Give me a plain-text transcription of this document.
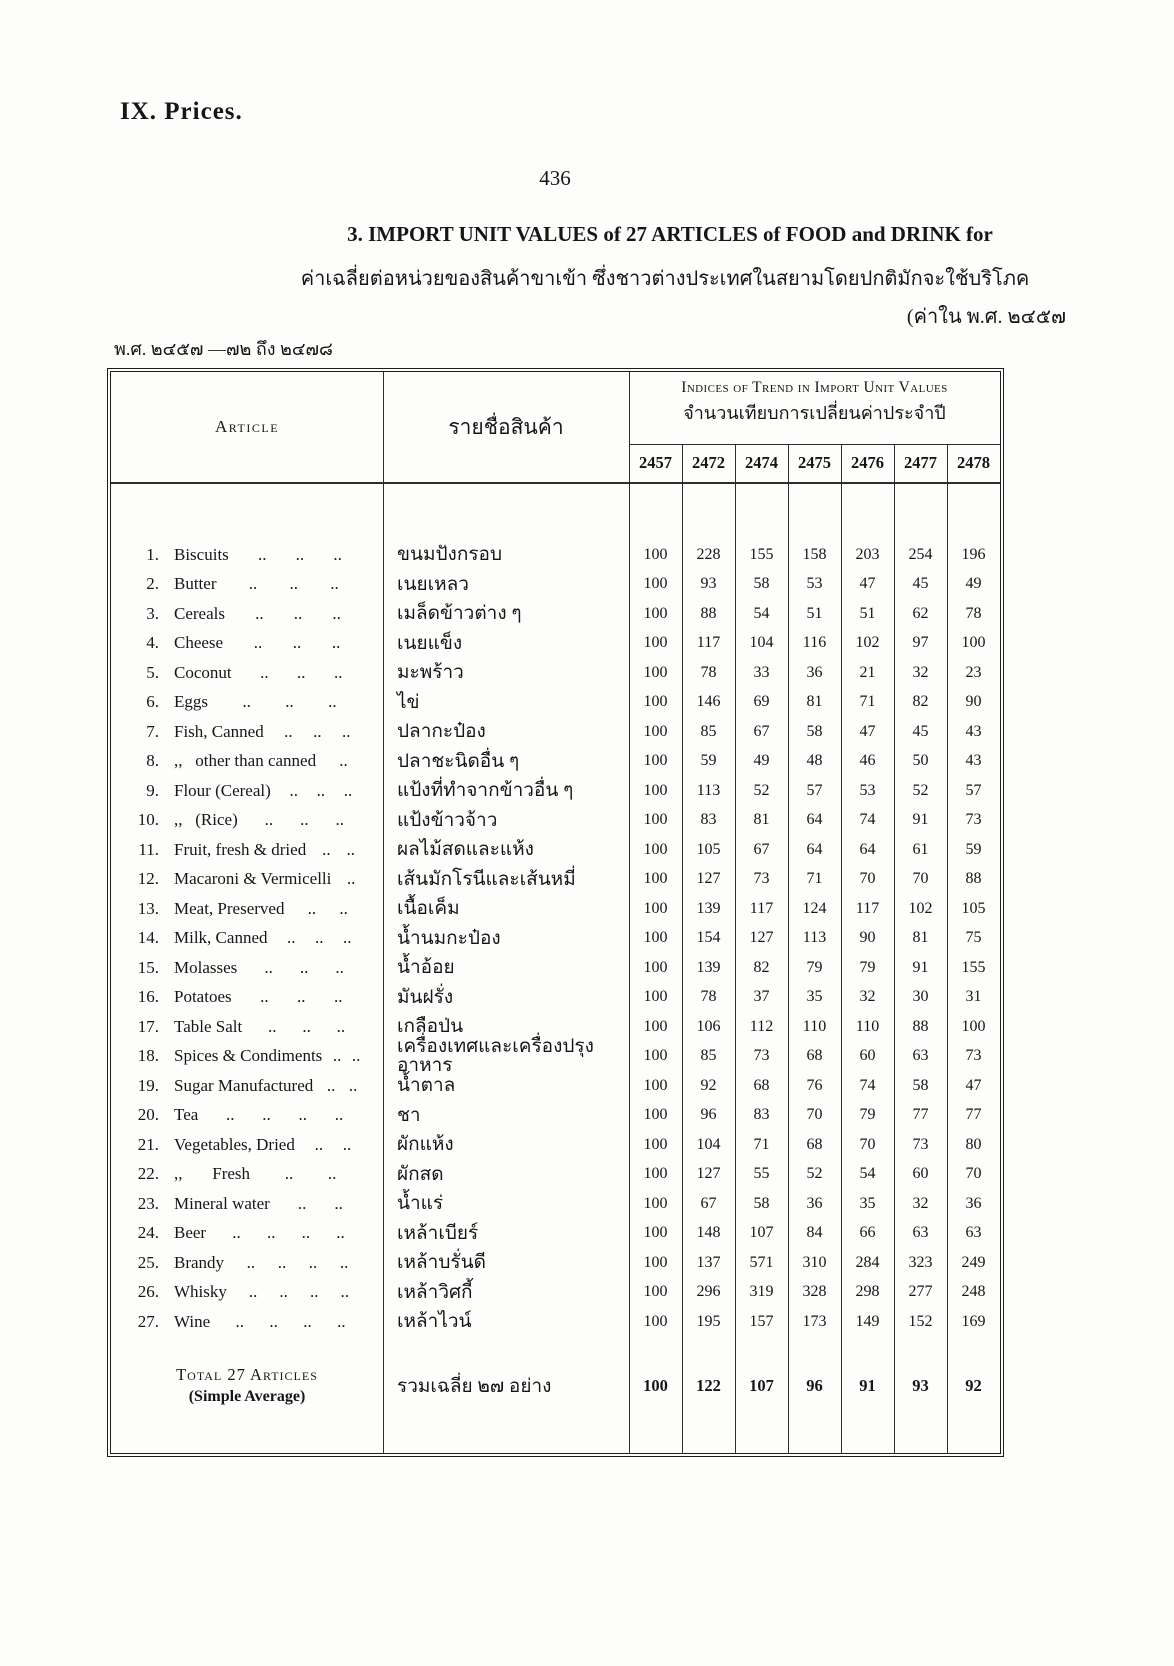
IX. Prices.
436
3. IMPORT UNIT VALUES of 27 ARTICLES of FOOD and DRINK for
ค่าเฉลี่ยต่อหน่วยของสินค้าขาเข้า ซึ่งชาวต่างประเทศในสยามโดยปกติมักจะใช้บริโภค
(ค่าใน พ.ศ. ๒๔๕๗
พ.ศ. ๒๔๕๗ —๗๒ ถึง ๒๔๗๘
Article	รายชื่อสินค้า
Indices of Trend in Import Unit Values
จำนวนเทียบการเปลี่ยนค่าประจำปี
2457	2472	2474	2475	2476	2477	2478
1. Biscuits .. .. ..	ขนมปังกรอบ	100	228	155	158	203	254	196
2. Butter .. .. ..	เนยเหลว	100	93	58	53	47	45	49
3. Cereals .. .. ..	เมล็ดข้าวต่าง ๆ	100	88	54	51	51	62	78
4. Cheese .. .. ..	เนยแข็ง	100	117	104	116	102	97	100
5. Coconut .. .. ..	มะพร้าว	100	78	33	36	21	32	23
6. Eggs .. .. ..	ไข่	100	146	69	81	71	82	90
7. Fish, Canned .. .. ..	ปลากะป๋อง	100	85	67	58	47	45	43
8. ,,   other than canned ..	ปลาชะนิดอื่น ๆ	100	59	49	48	46	50	43
9. Flour (Cereal) .. .. ..	แป้งที่ทำจากข้าวอื่น ๆ	100	113	52	57	53	52	57
10. ,,   (Rice) .. .. ..	แป้งข้าวจ้าว	100	83	81	64	74	91	73
11. Fruit, fresh & dried .. ..	ผลไม้สดและแห้ง	100	105	67	64	64	61	59
12. Macaroni & Vermicelli ..	เส้นมักโรนีและเส้นหมี่	100	127	73	71	70	70	88
13. Meat, Preserved .. ..	เนื้อเค็ม	100	139	117	124	117	102	105
14. Milk, Canned .. .. ..	น้ำนมกะป๋อง	100	154	127	113	90	81	75
15. Molasses .. .. ..	น้ำอ้อย	100	139	82	79	79	91	155
16. Potatoes .. .. ..	มันฝรั่ง	100	78	37	35	32	30	31
17. Table Salt .. .. ..	เกลือป่น	100	106	112	110	110	88	100
18. Spices & Condiments .. ..	เครื่องเทศและเครื่องปรุงอาหาร	100	85	73	68	60	63	73
19. Sugar Manufactured .. ..	น้ำตาล	100	92	68	76	74	58	47
20. Tea .. .. .. ..	ชา	100	96	83	70	79	77	77
21. Vegetables, Dried .. ..	ผักแห้ง	100	104	71	68	70	73	80
22. ,,       Fresh .. ..	ผักสด	100	127	55	52	54	60	70
23. Mineral water .. ..	น้ำแร่	100	67	58	36	35	32	36
24. Beer .. .. .. ..	เหล้าเบียร์	100	148	107	84	66	63	63
25. Brandy .. .. .. ..	เหล้าบรั่นดี	100	137	571	310	284	323	249
26. Whisky .. .. .. ..	เหล้าวิศกี้	100	296	319	328	298	277	248
27. Wine .. .. .. ..	เหล้าไวน์	100	195	157	173	149	152	169
Total 27 Articles
(Simple Average)	รวมเฉลี่ย ๒๗ อย่าง	100	122	107	96	91	93	92
